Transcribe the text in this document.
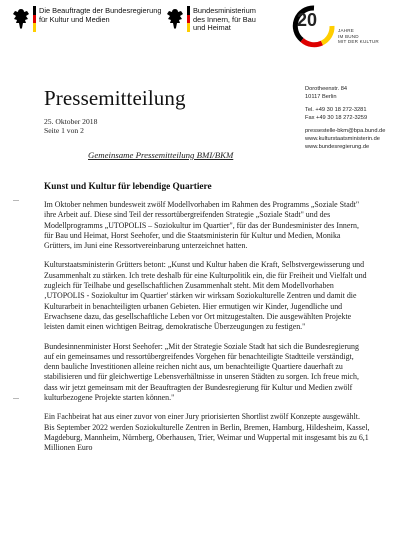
Die Beauftragte der Bundesregierung
für Kultur und Medien
Bundesministerium
des Innern, für Bau
und Heimat	20
JAHRE
IM BUND
MIT DER KULTUR
Pressemitteilung
25. Oktober 2018
Seite 1 von 2
Dorotheenstr. 84
10117 Berlin
Tel. +49 30 18 272-3281
Fax +49 30 18 272-3259
pressestelle-bkm@bpa.bund.de
www.kulturstaatsministerin.de
www.bundesregierung.de
Gemeinsame Pressemitteilung BMI/BKM
Kunst und Kultur für lebendige Quartiere

Im Oktober nehmen bundesweit zwölf Modellvorhaben im Rahmen des Programms „Soziale Stadt" ihre Arbeit auf. Diese sind Teil der ressortübergreifenden Strategie „Soziale Stadt" und des Modellprogramms „UTOPOLIS – Soziokultur im Quartier", für das der Bundesminister des Innern, für Bau und Heimat, Horst Seehofer, und die Staatsministerin für Kultur und Medien, Monika Grütters, im Juni eine Ressortvereinbarung unterzeichnet hatten.

Kulturstaatsministerin Grütters betont: „Kunst und Kultur haben die Kraft, Selbstvergewisserung und Zusammenhalt zu stärken. Ich trete deshalb für eine Kulturpolitik ein, die für Freiheit und Vielfalt und zugleich für Teilhabe und gesellschaftlichen Zusammenhalt steht. Mit dem Modellvorhaben ‚UTOPOLIS - Soziokultur im Quartier' stärken wir wirksam Soziokulturelle Zentren und damit die Kulturarbeit in benachteiligten urbanen Gebieten. Hier ermutigen wir Kinder, Jugendliche und Erwachsene dazu, das gesellschaftliche Leben vor Ort mitzugestalten. Die ausgewählten Projekte leisten damit einen wichtigen Beitrag, demokratische Überzeugungen zu festigen."

Bundesinnenminister Horst Seehofer: „Mit der Strategie Soziale Stadt hat sich die Bundesregierung auf ein gemeinsames und ressortübergreifendes Vorgehen für benachteiligte Stadtteile verständigt, denn bauliche Investitionen alleine reichen nicht aus, um benachteiligte Quartiere dauerhaft zu stabilisieren und für gleichwertige Lebensverhältnisse in unseren Städten zu sorgen. Ich freue mich, dass wir jetzt gemeinsam mit der Beauftragten der Bundesregierung für Kultur und Medien zwölf kulturbezogene Projekte starten können."

Ein Fachbeirat hat aus einer zuvor von einer Jury priorisierten Shortlist zwölf Konzepte ausgewählt. Bis September 2022 werden Soziokulturelle Zentren in Berlin, Bremen, Hamburg, Hildesheim, Kassel, Magdeburg, Mannheim, Nürnberg, Oberhausen, Trier, Weimar und Wuppertal mit insgesamt bis zu 6,1 Millionen Euro
